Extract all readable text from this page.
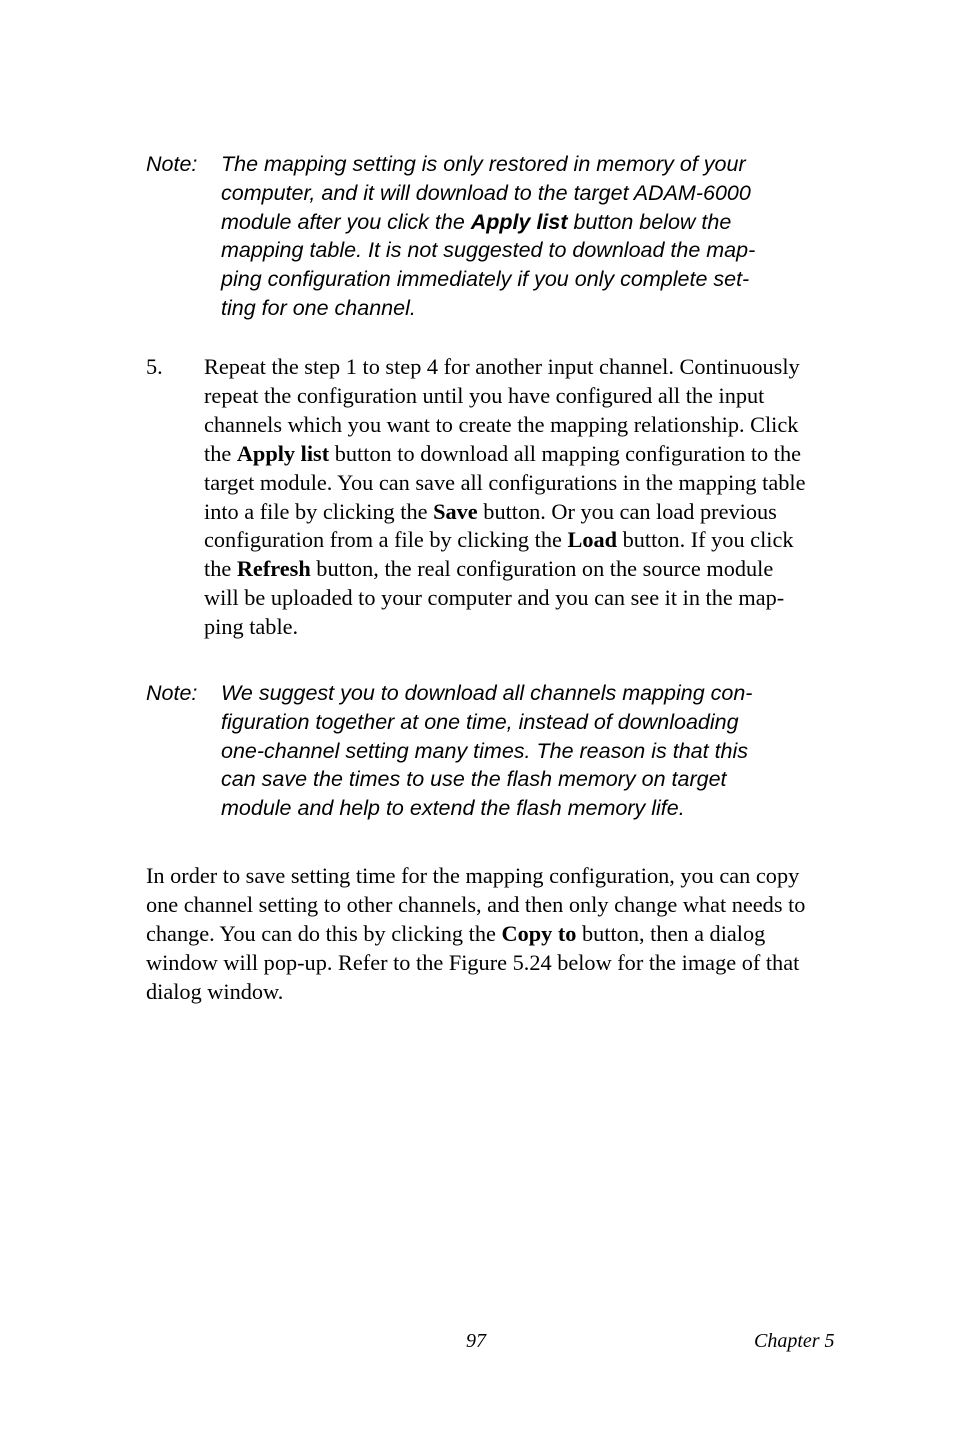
Note: The mapping setting is only restored in memory of your
computer, and it will download to the target ADAM-6000
module after you click the Apply list button below the
mapping table. It is not suggested to download the map-
ping configuration immediately if you only complete set-
ting for one channel.
5. Repeat the step 1 to step 4 for another input channel. Continuously
repeat the configuration until you have configured all the input
channels which you want to create the mapping relationship. Click
the Apply list button to download all mapping configuration to the
target module. You can save all configurations in the mapping table
into a file by clicking the Save button. Or you can load previous
configuration from a file by clicking the Load button. If you click
the Refresh button, the real configuration on the source module
will be uploaded to your computer and you can see it in the map-
ping table.
Note: We suggest you to download all channels mapping con-
figuration together at one time, instead of downloading
one-channel setting many times. The reason is that this
can save the times to use the flash memory on target
module and help to extend the flash memory life.
In order to save setting time for the mapping configuration, you can copy
one channel setting to other channels, and then only change what needs to
change. You can do this by clicking the Copy to button, then a dialog
window will pop-up. Refer to the Figure 5.24 below for the image of that
dialog window.
97	Chapter 5
